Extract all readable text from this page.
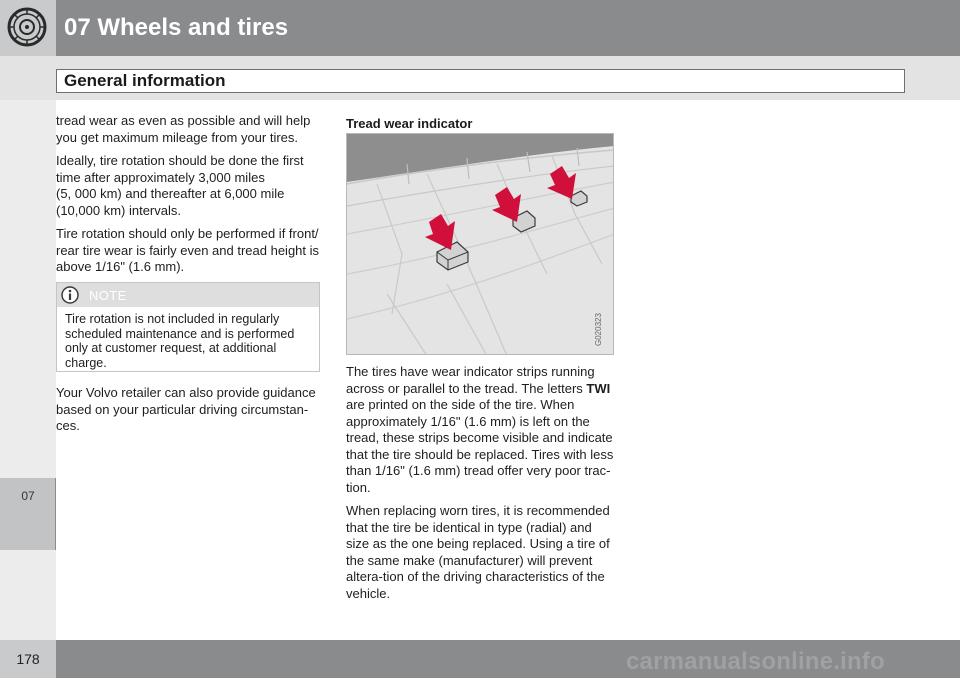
07 Wheels and tires
General information
07

tread wear as even as possible and will help you get maximum mileage from your tires.

Ideally, tire rotation should be done the first time after approximately 3,000 miles
(5, 000 km) and thereafter at 6,000 mile
(10,000 km) intervals.

Tire rotation should only be performed if front/ rear tire wear is fairly even and tread height is above 1/16" (1.6 mm).

NOTE
Tire rotation is not included in regularly scheduled maintenance and is performed only at customer request, at additional charge.

Your Volvo retailer can also provide guidance based on your particular driving circumstan-ces.

Tread wear indicator
G020323

The tires have wear indicator strips running across or parallel to the tread. The letters TWI are printed on the side of the tire. When approximately 1/16" (1.6 mm) is left on the tread, these strips become visible and indicate that the tire should be replaced. Tires with less than 1/16" (1.6 mm) tread offer very poor trac-tion.

When replacing worn tires, it is recommended that the tire be identical in type (radial) and size as the one being replaced. Using a tire of the same make (manufacturer) will prevent altera-tion of the driving characteristics of the vehicle.

178	carmanualsonline.info
